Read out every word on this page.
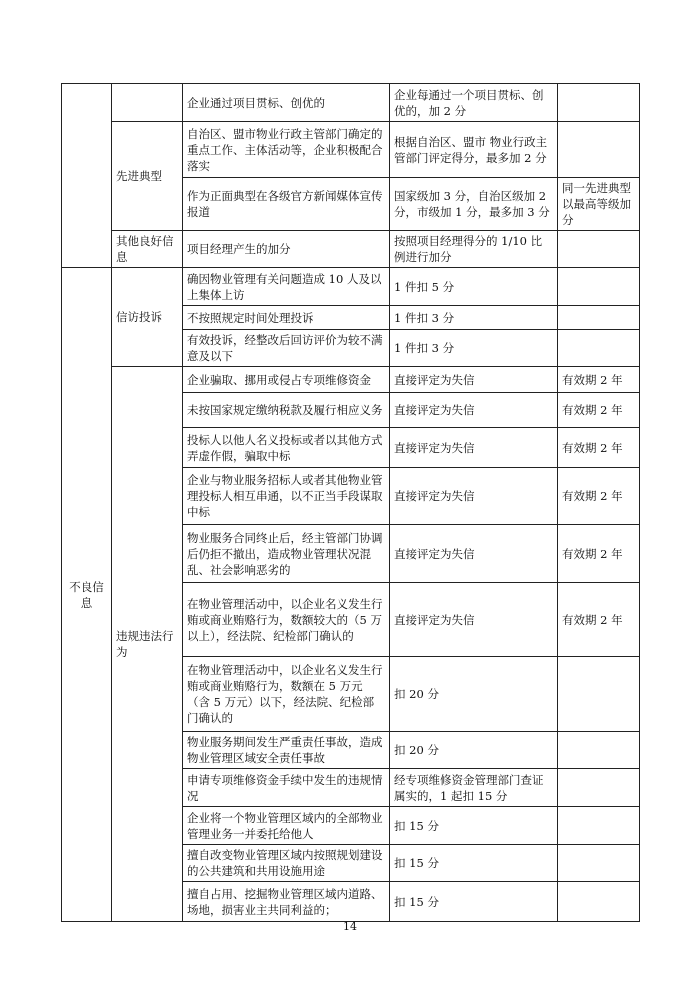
		企业通过项目贯标、创优的	企业每通过一个项目贯标、创优的，加 2 分	
	先进典型	自治区、盟市物业行政主管部门确定的重点工作、主体活动等，企业积极配合落实	根据自治区、盟市 物业行政主管部门评定得分，最多加 2 分	
		作为正面典型在各级官方新闻媒体宣传报道	国家级加 3 分，自治区级加 2 分，市级加 1 分，最多加 3 分	同一先进典型以最高等级加分
	其他良好信息	项目经理产生的加分	按照项目经理得分的 1/10 比例进行加分	
不良信息	信访投诉	确因物业管理有关问题造成 10 人及以上集体上访	1 件扣 5 分	
		不按照规定时间处理投诉	1 件扣 3 分	
		有效投诉，经整改后回访评价为较不满意及以下	1 件扣 3 分	
	违规违法行为	企业骗取、挪用或侵占专项维修资金	直接评定为失信	有效期 2 年
		未按国家规定缴纳税款及履行相应义务	直接评定为失信	有效期 2 年
		投标人以他人名义投标或者以其他方式弄虚作假，骗取中标	直接评定为失信	有效期 2 年
		企业与物业服务招标人或者其他物业管理投标人相互串通，以不正当手段谋取中标	直接评定为失信	有效期 2 年
		物业服务合同终止后，经主管部门协调后仍拒不撤出，造成物业管理状况混乱、社会影响恶劣的	直接评定为失信	有效期 2 年
		在物业管理活动中，以企业名义发生行贿或商业贿赂行为，数额较大的（5 万以上），经法院、纪检部门确认的	直接评定为失信	有效期 2 年
		在物业管理活动中，以企业名义发生行贿或商业贿赂行为，数额在 5 万元（含 5 万元）以下，经法院、纪检部门确认的	扣 20 分	
		物业服务期间发生严重责任事故，造成物业管理区域安全责任事故	扣 20 分	
		申请专项维修资金手续中发生的违规情况	经专项维修资金管理部门查证属实的，1 起扣 15 分	
		企业将一个物业管理区域内的全部物业管理业务一并委托给他人	扣 15 分	
		擅自改变物业管理区域内按照规划建设的公共建筑和共用设施用途	扣 15 分	
		擅自占用、挖掘物业管理区域内道路、场地，损害业主共同利益的；	扣 15 分	
14
